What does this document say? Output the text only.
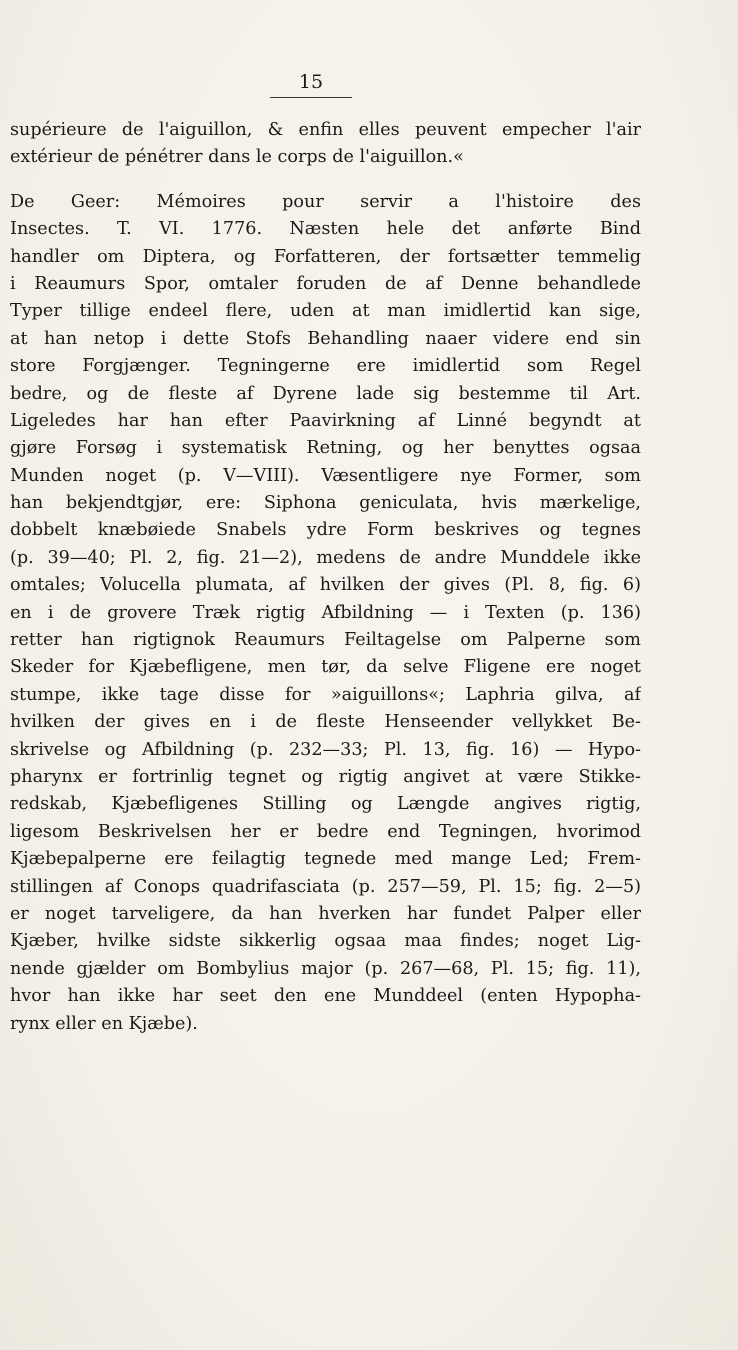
15
supérieure de l'aiguillon, & enfin elles peuvent empecher l'air
extérieur de pénétrer dans le corps de l'aiguillon.«
De Geer: Mémoires pour servir a l'histoire des
Insectes. T. VI. 1776. Næsten hele det anførte Bind
handler om Diptera, og Forfatteren, der fortsætter temmelig
i Reaumurs Spor, omtaler foruden de af Denne behandlede
Typer tillige endeel flere, uden at man imidlertid kan sige,
at han netop i dette Stofs Behandling naaer videre end sin
store Forgjænger. Tegningerne ere imidlertid som Regel
bedre, og de fleste af Dyrene lade sig bestemme til Art.
Ligeledes har han efter Paavirkning af Linné begyndt at
gjøre Forsøg i systematisk Retning, og her benyttes ogsaa
Munden noget (p. V—VIII). Væsentligere nye Former, som
han bekjendtgjør, ere: Siphona geniculata, hvis mærkelige,
dobbelt knæbøiede Snabels ydre Form beskrives og tegnes
(p. 39—40; Pl. 2, fig. 21—2), medens de andre Munddele ikke
omtales; Volucella plumata, af hvilken der gives (Pl. 8, fig. 6)
en i de grovere Træk rigtig Afbildning — i Texten (p. 136)
retter han rigtignok Reaumurs Feiltagelse om Palperne som
Skeder for Kjæbefligene, men tør, da selve Fligene ere noget
stumpe, ikke tage disse for »aiguillons«; Laphria gilva, af
hvilken der gives en i de fleste Henseender vellykket Be-
skrivelse og Afbildning (p. 232—33; Pl. 13, fig. 16) — Hypo-
pharynx er fortrinlig tegnet og rigtig angivet at være Stikke-
redskab, Kjæbefligenes Stilling og Længde angives rigtig,
ligesom Beskrivelsen her er bedre end Tegningen, hvorimod
Kjæbepalperne ere feilagtig tegnede med mange Led; Frem-
stillingen af Conops quadrifasciata (p. 257—59, Pl. 15; fig. 2—5)
er noget tarveligere, da han hverken har fundet Palper eller
Kjæber, hvilke sidste sikkerlig ogsaa maa findes; noget Lig-
nende gjælder om Bombylius major (p. 267—68, Pl. 15; fig. 11),
hvor han ikke har seet den ene Munddeel (enten Hypopha-
rynx eller en Kjæbe).
